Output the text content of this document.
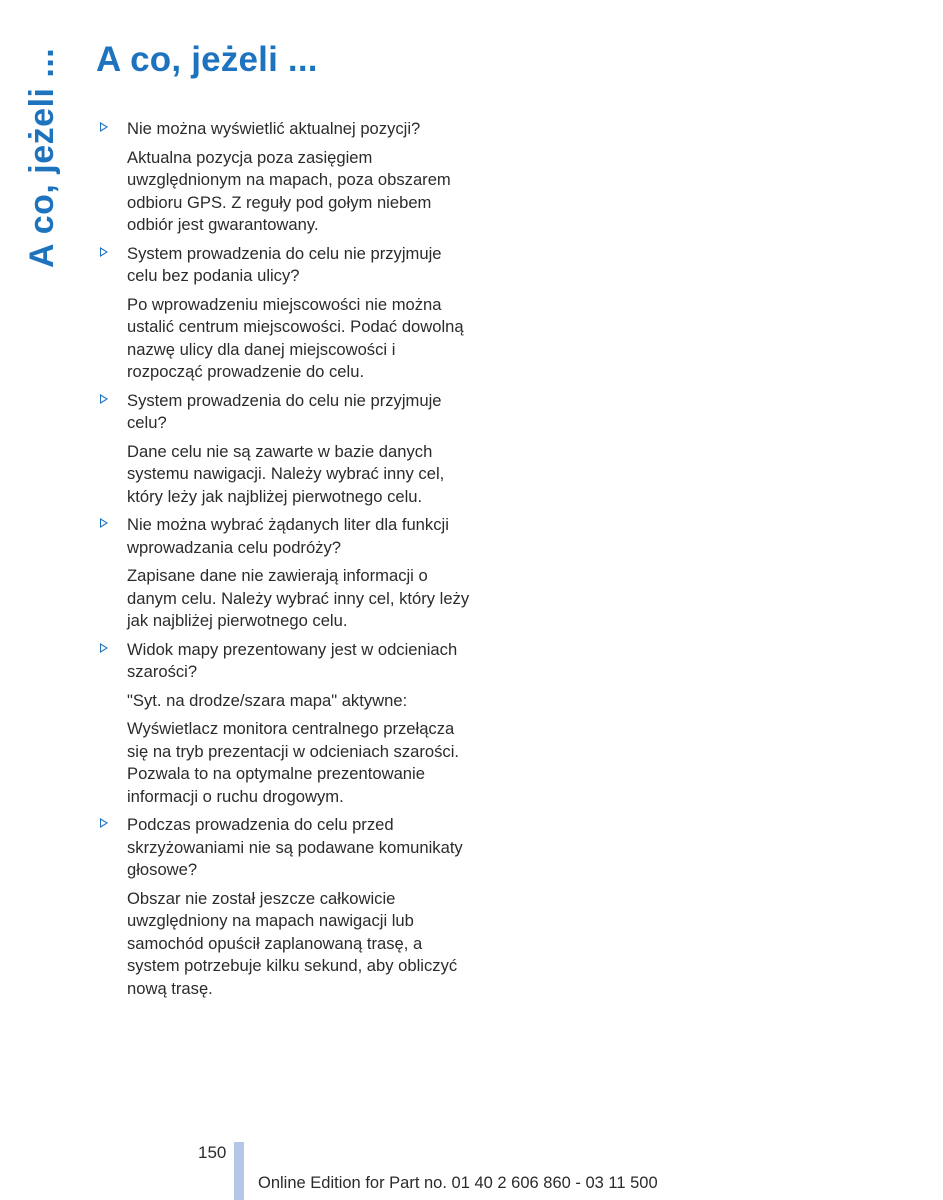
A co, jeżeli ... A co, jeżeli ...

Nie można wyświetlić aktualnej pozycji?

Aktualna pozycja poza zasięgiem uwzględnionym na mapach, poza obszarem odbioru GPS. Z reguły pod gołym niebem odbiór jest gwarantowany.

System prowadzenia do celu nie przyjmuje celu bez podania ulicy?

Po wprowadzeniu miejscowości nie można ustalić centrum miejscowości. Podać dowolną nazwę ulicy dla danej miejscowości i rozpocząć prowadzenie do celu.

System prowadzenia do celu nie przyjmuje celu?

Dane celu nie są zawarte w bazie danych systemu nawigacji. Należy wybrać inny cel, który leży jak najbliżej pierwotnego celu.

Nie można wybrać żądanych liter dla funkcji wprowadzania celu podróży?

Zapisane dane nie zawierają informacji o danym celu. Należy wybrać inny cel, który leży jak najbliżej pierwotnego celu.

Widok mapy prezentowany jest w odcieniach szarości?

"Syt. na drodze/szara mapa" aktywne:

Wyświetlacz monitora centralnego przełącza się na tryb prezentacji w odcieniach szarości. Pozwala to na optymalne prezentowanie informacji o ruchu drogowym.

Podczas prowadzenia do celu przed skrzyżowaniami nie są podawane komunikaty głosowe?

Obszar nie został jeszcze całkowicie uwzględniony na mapach nawigacji lub samochód opuścił zaplanowaną trasę, a system potrzebuje kilku sekund, aby obliczyć nową trasę.

150
Online Edition for Part no. 01 40 2 606 860 - 03 11 500
